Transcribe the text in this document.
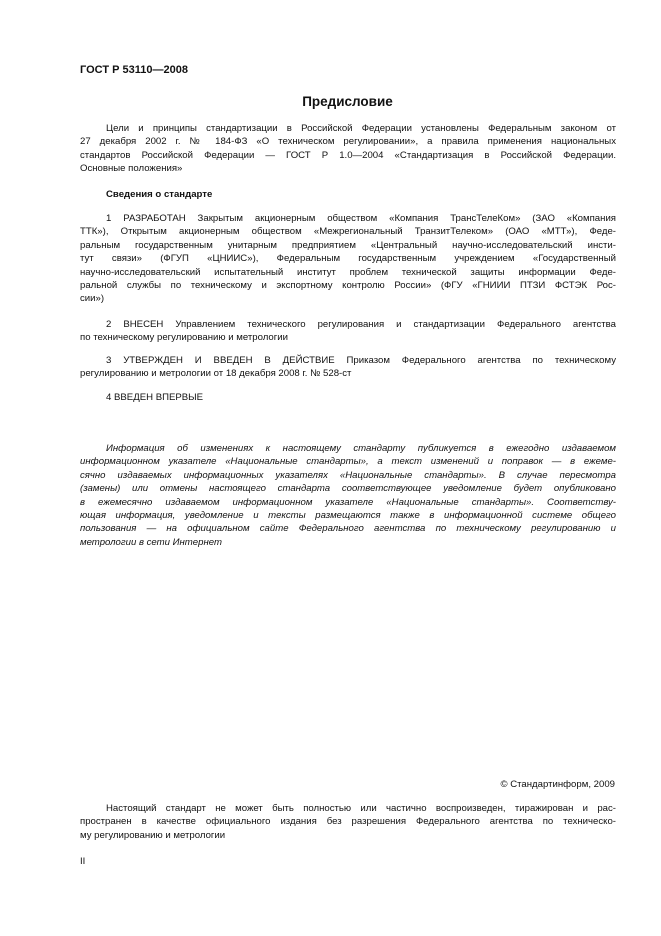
ГОСТ Р 53110—2008
Предисловие
Цели и принципы стандартизации в Российской Федерации установлены Федеральным законом от
27 декабря 2002 г. № 184-ФЗ «О техническом регулировании», а правила применения национальных
стандартов Российской Федерации — ГОСТ Р 1.0—2004 «Стандартизация в Российской Федерации.
Основные положения»
Сведения о стандарте
1 РАЗРАБОТАН Закрытым акционерным обществом «Компания ТрансТелеКом» (ЗАО «Компания
ТТК»), Открытым акционерным обществом «Межрегиональный ТранзитТелеком» (ОАО «МТТ»), Феде-
ральным государственным унитарным предприятием «Центральный научно-исследовательский инсти-
тут связи» (ФГУП «ЦНИИС»), Федеральным государственным учреждением «Государственный
научно-исследовательский испытательный институт проблем технической защиты информации Феде-
ральной службы по техническому и экспортному контролю России» (ФГУ «ГНИИИ ПТЗИ ФСТЭК Рос-
сии»)
2 ВНЕСЕН Управлением технического регулирования и стандартизации Федерального агентства
по техническому регулированию и метрологии
3 УТВЕРЖДЕН И ВВЕДЕН В ДЕЙСТВИЕ Приказом Федерального агентства по техническому
регулированию и метрологии от 18 декабря 2008 г. № 528-ст
4 ВВЕДЕН ВПЕРВЫЕ
Информация об изменениях к настоящему стандарту публикуется в ежегодно издаваемом
информационном указателе «Национальные стандарты», а текст изменений и поправок — в ежеме-
сячно издаваемых информационных указателях «Национальные стандарты». В случае пересмотра
(замены) или отмены настоящего стандарта соответствующее уведомление будет опубликовано
в ежемесячно издаваемом информационном указателе «Национальные стандарты». Соответству-
ющая информация, уведомление и тексты размещаются также в информационной системе общего
пользования — на официальном сайте Федерального агентства по техническому регулированию и
метрологии в сети Интернет
© Стандартинформ, 2009
Настоящий стандарт не может быть полностью или частично воспроизведен, тиражирован и рас-
пространен в качестве официального издания без разрешения Федерального агентства по техническо-
му регулированию и метрологии
II
